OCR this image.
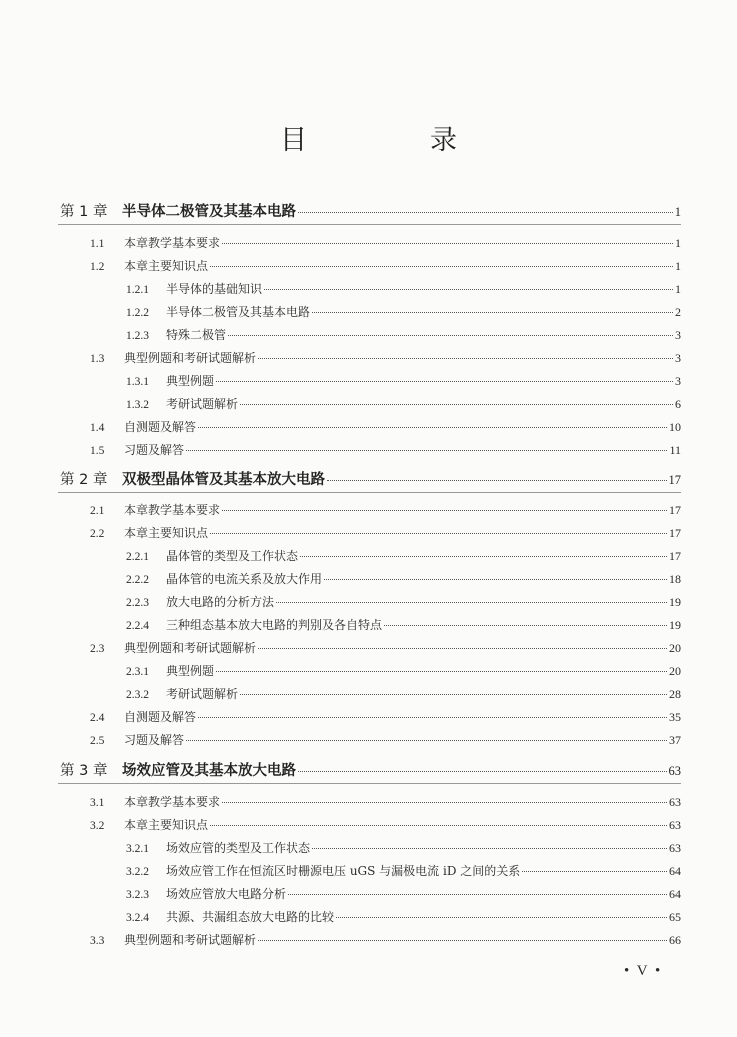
目　录
第 1 章	半导体二极管及其基本电路	1
1.1	本章教学基本要求	1
1.2	本章主要知识点	1
1.2.1	半导体的基础知识	1
1.2.2	半导体二极管及其基本电路	2
1.2.3	特殊二极管	3
1.3	典型例题和考研试题解析	3
1.3.1	典型例题	3
1.3.2	考研试题解析	6
1.4	自测题及解答	10
1.5	习题及解答	11
第 2 章	双极型晶体管及其基本放大电路	17
2.1	本章教学基本要求	17
2.2	本章主要知识点	17
2.2.1	晶体管的类型及工作状态	17
2.2.2	晶体管的电流关系及放大作用	18
2.2.3	放大电路的分析方法	19
2.2.4	三种组态基本放大电路的判别及各自特点	19
2.3	典型例题和考研试题解析	20
2.3.1	典型例题	20
2.3.2	考研试题解析	28
2.4	自测题及解答	35
2.5	习题及解答	37
第 3 章	场效应管及其基本放大电路	63
3.1	本章教学基本要求	63
3.2	本章主要知识点	63
3.2.1	场效应管的类型及工作状态	63
3.2.2	场效应管工作在恒流区时栅源电压 uGS 与漏极电流 iD 之间的关系	64
3.2.3	场效应管放大电路分析	64
3.2.4	共源、共漏组态放大电路的比较	65
3.3	典型例题和考研试题解析	66
• V •
